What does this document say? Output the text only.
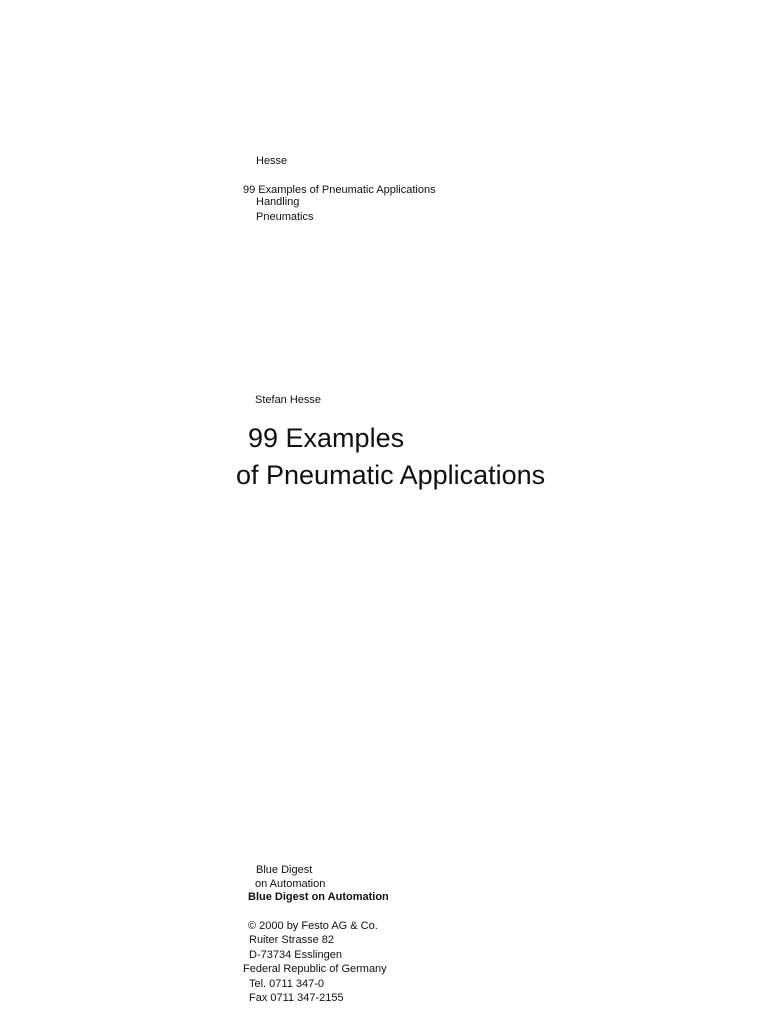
Hesse
99 Examples of Pneumatic Applications
Handling
Pneumatics
Stefan Hesse
99 Examples
of Pneumatic Applications
Blue Digest
on Automation
Blue Digest on Automation
© 2000 by Festo AG & Co.
Ruiter Strasse 82
D-73734 Esslingen
Federal Republic of Germany
Tel. 0711 347-0
Fax 0711 347-2155
